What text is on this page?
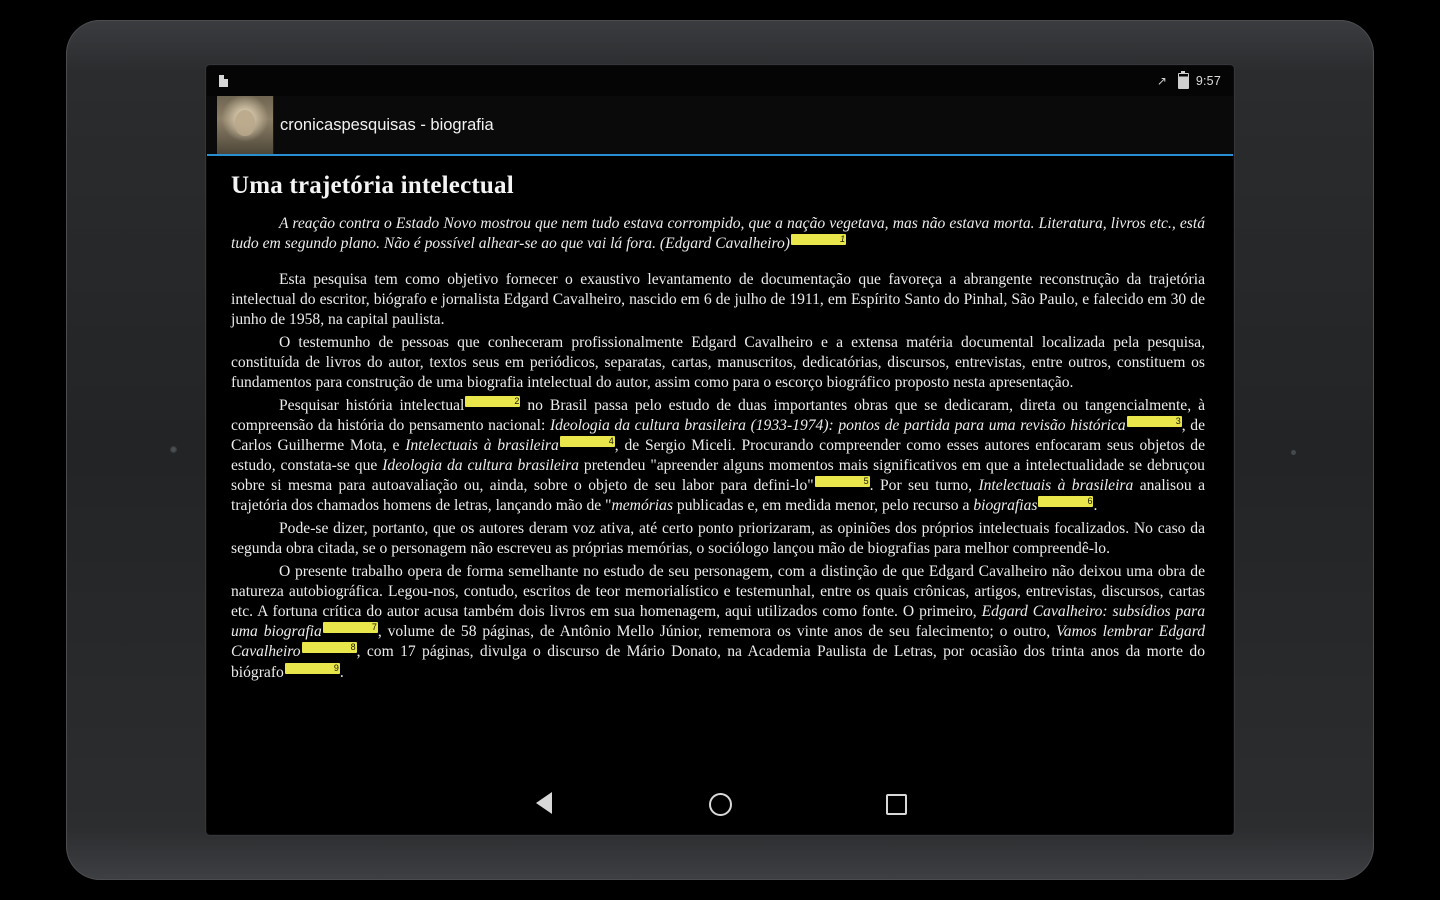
↗	9:57
cronicaspesquisas - biografia
Uma trajetória intelectual

A reação contra o Estado Novo mostrou que nem tudo estava corrompido, que a nação vegetava, mas não estava morta. Literatura, livros etc., está tudo em segundo plano. Não é possível alhear-se ao que vai lá fora. (Edgard Cavalheiro)	1

Esta pesquisa tem como objetivo fornecer o exaustivo levantamento de documentação que favoreça a abrangente reconstrução da trajetória intelectual do escritor, biógrafo e jornalista Edgard Cavalheiro, nascido em 6 de julho de 1911, em Espírito Santo do Pinhal, São Paulo, e falecido em 30 de junho de 1958, na capital paulista.

O testemunho de pessoas que conheceram profissionalmente Edgard Cavalheiro e a extensa matéria documental localizada pela pesquisa, constituída de livros do autor, textos seus em periódicos, separatas, cartas, manuscritos, dedicatórias, discursos, entrevistas, entre outros, constituem os fundamentos para construção de uma biografia intelectual do autor, assim como para o escorço biográfico proposto nesta apresentação.

Pesquisar história intelectual	2 no Brasil passa pelo estudo de duas importantes obras que se dedicaram, direta ou tangencialmente, à compreensão da história do pensamento nacional: Ideologia da cultura brasileira (1933-1974): pontos de partida para uma revisão histórica	3, de Carlos Guilherme Mota, e Intelectuais à brasileira	4, de Sergio Miceli. Procurando compreender como esses autores enfocaram seus objetos de estudo, constata-se que Ideologia da cultura brasileira pretendeu "apreender alguns momentos mais significativos em que a intelectualidade se debruçou sobre si mesma para autoavaliação ou, ainda, sobre o objeto de seu labor para defini-lo"	5. Por seu turno, Intelectuais à brasileira analisou a trajetória dos chamados homens de letras, lançando mão de "memórias publicadas e, em medida menor, pelo recurso a biografias	6.

Pode-se dizer, portanto, que os autores deram voz ativa, até certo ponto priorizaram, as opiniões dos próprios intelectuais focalizados. No caso da segunda obra citada, se o personagem não escreveu as próprias memórias, o sociólogo lançou mão de biografias para melhor compreendê-lo.

O presente trabalho opera de forma semelhante no estudo de seu personagem, com a distinção de que Edgard Cavalheiro não deixou uma obra de natureza autobiográfica. Legou-nos, contudo, escritos de teor memorialístico e testemunhal, entre os quais crônicas, artigos, entrevistas, discursos, cartas etc. A fortuna crítica do autor acusa também dois livros em sua homenagem, aqui utilizados como fonte. O primeiro, Edgard Cavalheiro: subsídios para uma biografia	7, volume de 58 páginas, de Antônio Mello Júnior, rememora os vinte anos de seu falecimento; o outro, Vamos lembrar Edgard Cavalheiro	8, com 17 páginas, divulga o discurso de Mário Donato, na Academia Paulista de Letras, por ocasião dos trinta anos da morte do biógrafo	9.
